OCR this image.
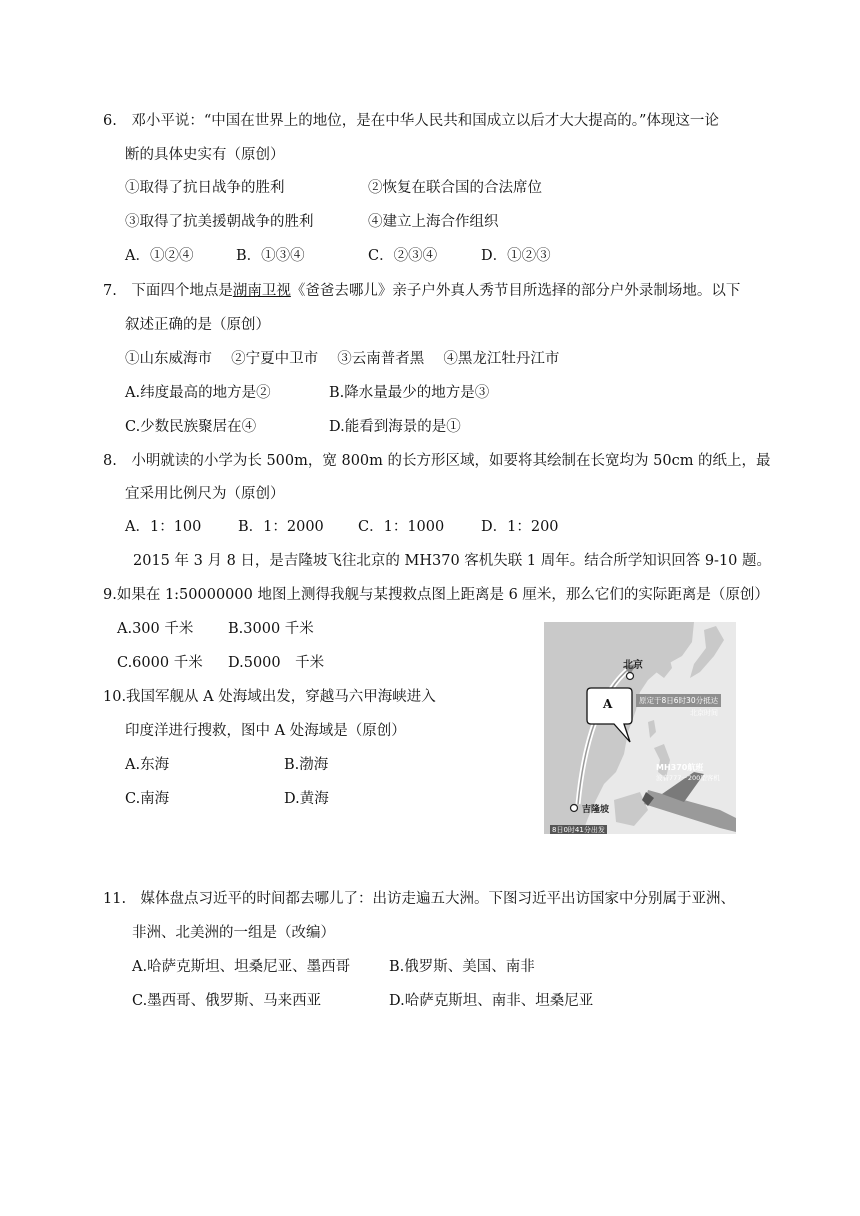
6.　邓小平说：“中国在世界上的地位，是在中华人民共和国成立以后才大大提高的。”体现这一论
断的具体史实有（原创）
①取得了抗日战争的胜利	②恢复在联合国的合法席位
③取得了抗美援朝战争的胜利	④建立上海合作组织
A．①②④	B．①③④	C．②③④	D．①②③
7.　下面四个地点是湖南卫视《爸爸去哪儿》亲子户外真人秀节目所选择的部分户外录制场地。以下
叙述正确的是（原创）
①山东威海市　 ②宁夏中卫市　 ③云南普者黑　 ④黑龙江牡丹江市
A.纬度最高的地方是②	B.降水量最少的地方是③
C.少数民族聚居在④	D.能看到海景的是①
8.　小明就读的小学为长 500m，宽 800m 的长方形区域，如要将其绘制在长宽均为 50cm 的纸上，最
宜采用比例尺为（原创）
A．1：100	B．1：2000 C．1：1000	D．1：200
2015 年 3 月 8 日，是吉隆坡飞往北京的 MH370 客机失联 1 周年。结合所学知识回答 9-10 题。
9.如果在 1:50000000 地图上测得我舰与某搜救点图上距离是 6 厘米，那么它们的实际距离是（原创）
A.300 千米 B.3000 千米
C.6000 千米 D.5000　千米
10.我国军舰从 A 处海域出发，穿越马六甲海峡进入
印度洋进行搜救，图中 A 处海域是（原创）
A.东海	B.渤海
C.南海	D.黄海
北京
A	原定于8日6时30分抵达
北京时间
MH370航班
波音777－200型客机
吉隆坡
8日0时41分出发
11.　媒体盘点习近平的时间都去哪儿了：出访走遍五大洲。下图习近平出访国家中分别属于亚洲、
非洲、北美洲的一组是（改编）
A.哈萨克斯坦、坦桑尼亚、墨西哥	B.俄罗斯、美国、南非
C.墨西哥、俄罗斯、马来西亚	D.哈萨克斯坦、南非、坦桑尼亚
